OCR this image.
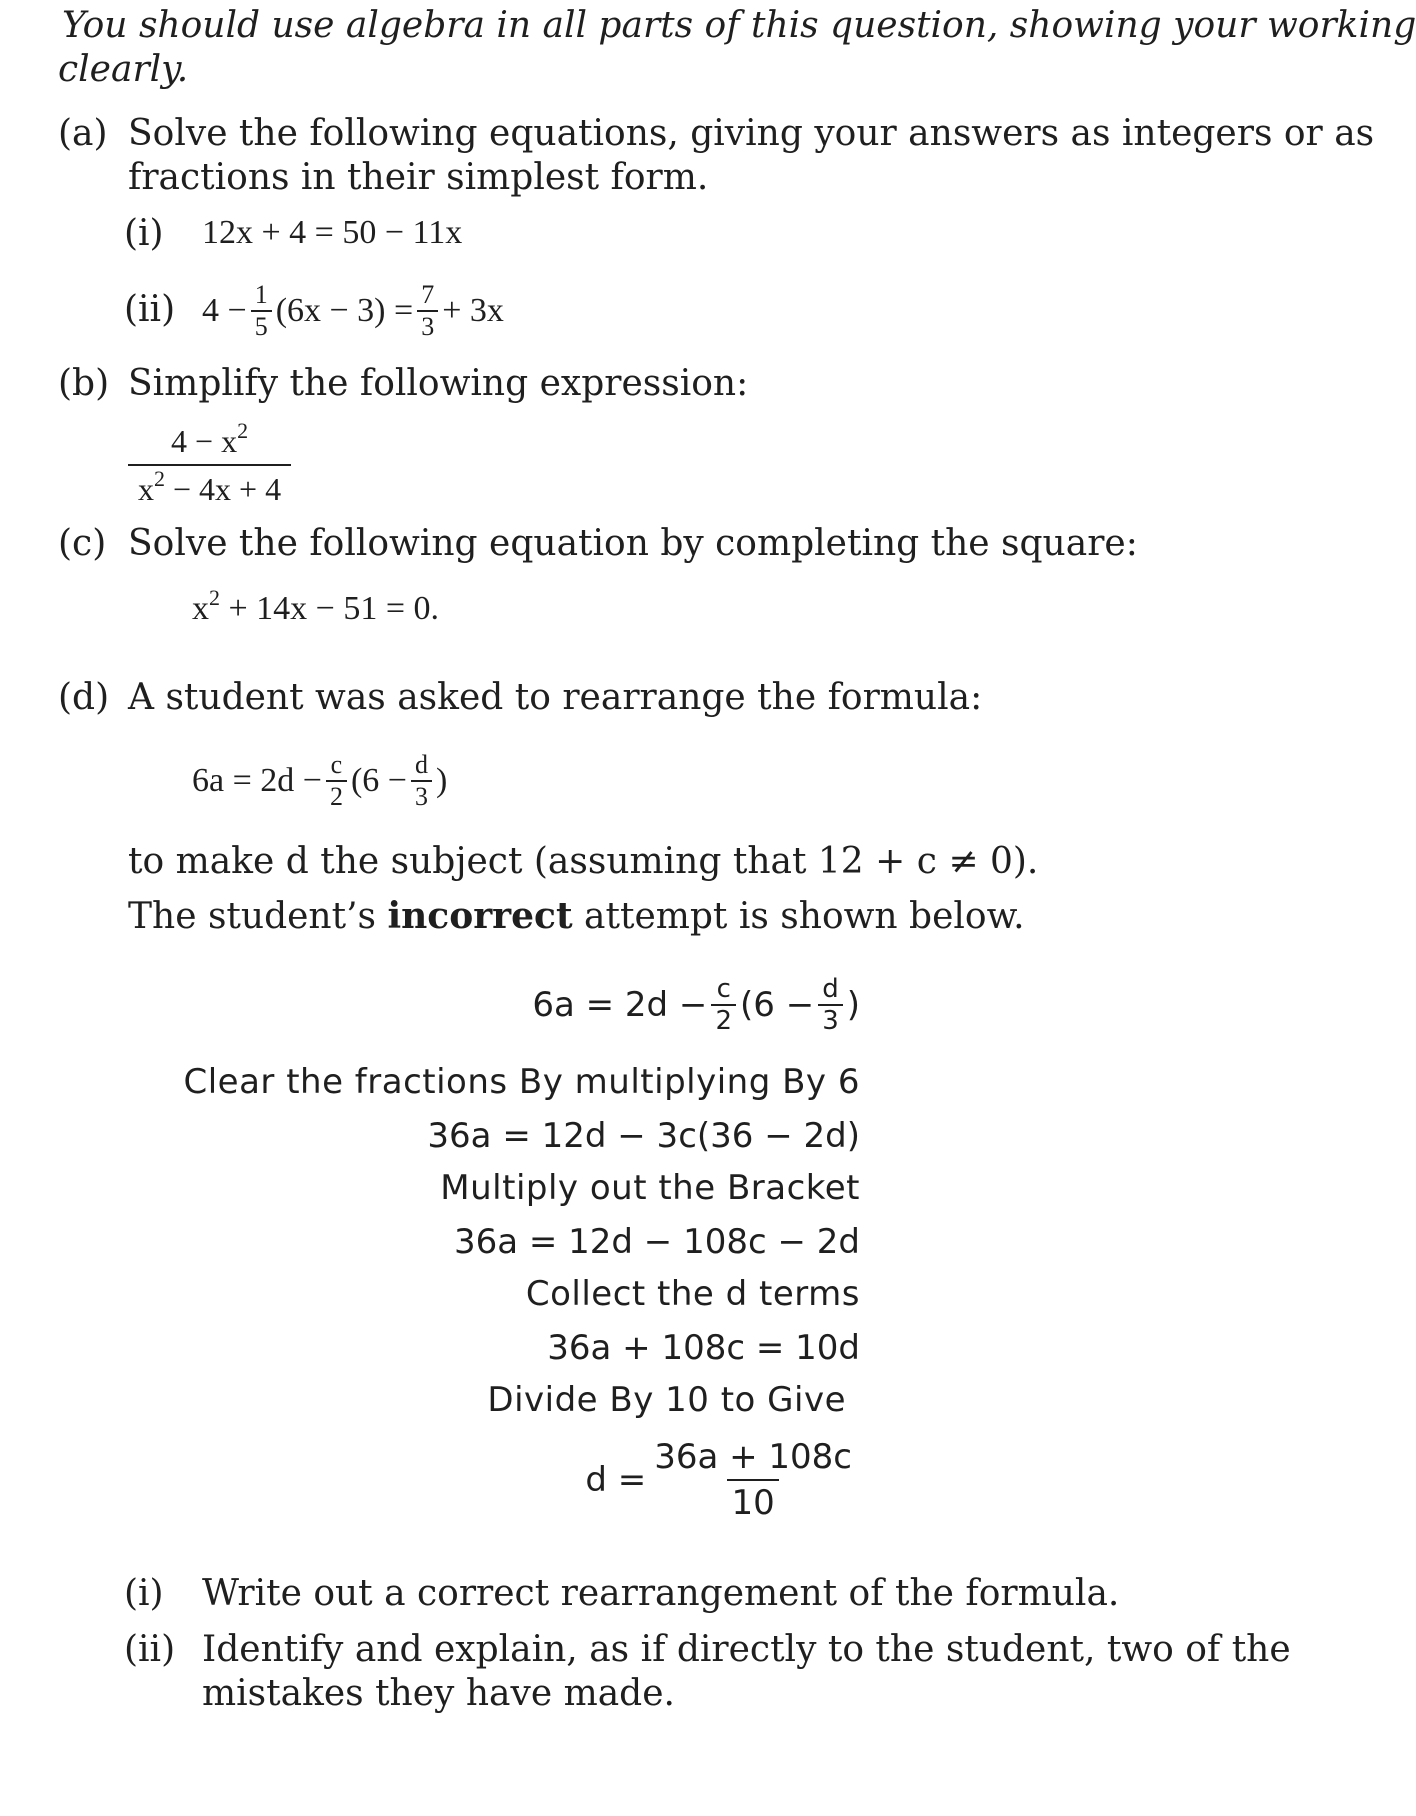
You should use algebra in all parts of this question, showing your working
clearly.
(a) Solve the following equations, giving your answers as integers or as
fractions in their simplest form.
(i) 12x + 4 = 50 − 11x
(ii) $4 - \frac{1}{5} (6x - 3) = \frac{7}{3} + 3x$
(b) Simplify the following expression:
$\frac{4 - x^2}{x^2 - 4x + 4}$
(c) Solve the following equation by completing the square:
$x^2 + 14x - 51 = 0$.
(d) A student was asked to rearrange the formula:
$6a = 2d - \frac{c}{2} (6 - \frac{d}{3}$ )
to make d the subject (assuming that 12 + c ≠ 0).
The student’s incorrect attempt is shown below.
$6a = 2d - \frac{c}{2} (6 - \frac{d}{3}$ )
Clear the fractions By multiplying By 6
36a = 12d − 3c(36 − 2d)
Multiply out the Bracket
36a = 12d − 108c − 2d
Collect the d terms
36a + 108c = 10d
Divide By 10 to Give
$d = \frac{36a + 108c}{10}$
(i) Write out a correct rearrangement of the formula.
(ii) Identify and explain, as if directly to the student, two of the
mistakes they have made.
